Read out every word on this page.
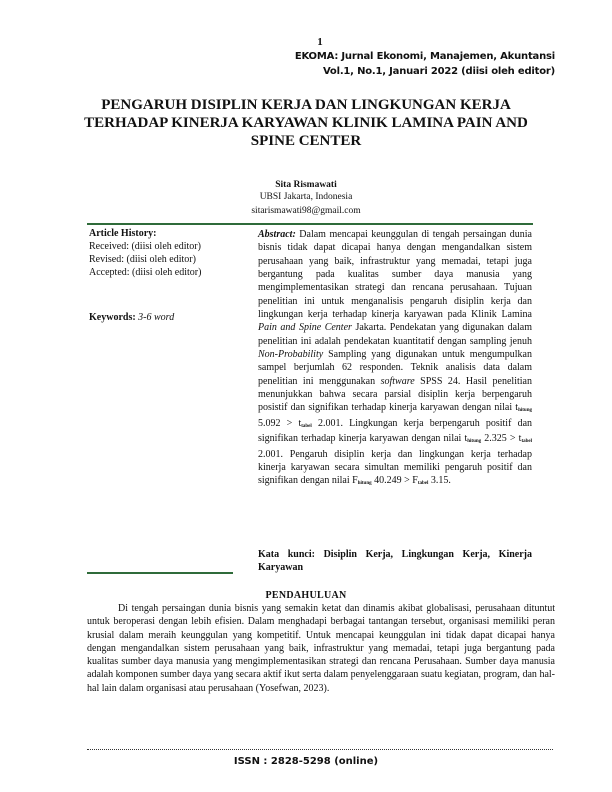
1
EKOMA: Jurnal Ekonomi, Manajemen, Akuntansi
Vol.1, No.1, Januari 2022 (diisi oleh editor)
PENGARUH DISIPLIN KERJA DAN LINGKUNGAN KERJA TERHADAP KINERJA KARYAWAN KLINIK LAMINA PAIN AND SPINE CENTER
Sita Rismawati
UBSI Jakarta, Indonesia
sitarismawati98@gmail.com
Article History:
Received: (diisi oleh editor)
Revised: (diisi oleh editor)
Accepted: (diisi oleh editor)
Keywords: 3-6 word
Abstract: Dalam mencapai keunggulan di tengah persaingan dunia bisnis tidak dapat dicapai hanya dengan mengandalkan sistem perusahaan yang baik, infrastruktur yang memadai, tetapi juga bergantung pada kualitas sumber daya manusia yang mengimplementasikan strategi dan rencana perusahaan. Tujuan penelitian ini untuk menganalisis pengaruh disiplin kerja dan lingkungan kerja terhadap kinerja karyawan pada Klinik Lamina Pain and Spine Center Jakarta. Pendekatan yang digunakan dalam penelitian ini adalah pendekatan kuantitatif dengan sampling jenuh Non-Probability Sampling yang digunakan untuk mengumpulkan sampel berjumlah 62 responden. Teknik analisis data dalam penelitian ini menggunakan software SPSS 24. Hasil penelitian menunjukkan bahwa secara parsial disiplin kerja berpengaruh posistif dan signifikan terhadap kinerja karyawan dengan nilai $t_{hitung}$ $5.092 > t_{tabel}$ 2.001. Lingkungan kerja berpengaruh positif dan signifikan terhadap kinerja karyawan dengan nilai $t_{hitung}$ $2.325 > t_{tabel}$ 2.001. Pengaruh disiplin kerja dan lingkungan kerja terhadap kinerja karyawan secara simultan memiliki pengaruh positif dan signifikan dengan nilai $F_{hitung}$ $40.249 > F_{tabel}$ 3.15.
Kata kunci: Disiplin Kerja, Lingkungan Kerja, Kinerja Karyawan
PENDAHULUAN
Di tengah persaingan dunia bisnis yang semakin ketat dan dinamis akibat globalisasi, perusahaan dituntut untuk beroperasi dengan lebih efisien. Dalam menghadapi berbagai tantangan tersebut, organisasi memiliki peran krusial dalam meraih keunggulan yang kompetitif. Untuk mencapai keunggulan ini tidak dapat dicapai hanya dengan mengandalkan sistem perusahaan yang baik, infrastruktur yang memadai, tetapi juga bergantung pada kualitas sumber daya manusia yang mengimplementasikan strategi dan rencana Perusahaan. Sumber daya manusia adalah komponen sumber daya yang secara aktif ikut serta dalam penyelenggaraan suatu kegiatan, program, dan hal-hal lain dalam organisasi atau perusahaan (Yosefwan, 2023).
ISSN : 2828-5298 (online)
